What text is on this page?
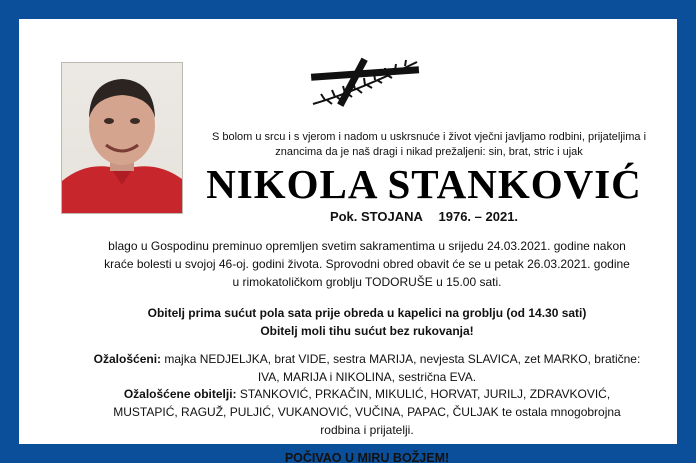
S bolom u srcu i s vjerom i nadom u uskrsnuće i život vječni javljamo rodbini, prijateljima i
znancima da je naš dragi i nikad prežaljeni: sin, brat, stric i ujak
NIKOLA STANKOVIĆ
Pok. STOJANA 1976. – 2021.
blago u Gospodinu preminuo opremljen svetim sakramentima u srijedu 24.03.2021. godine nakon
kraće bolesti u svojoj 46-oj. godini života. Sprovodni obred obavit će se u petak 26.03.2021. godine
u rimokatoličkom groblju TODORUŠE u 15.00 sati.
Obitelj prima sućut pola sata prije obreda u kapelici na groblju (od 14.30 sati)
Obitelj moli tihu sućut bez rukovanja!
Ožalošćeni: majka NEDJELJKA, brat VIDE, sestra MARIJA, nevjesta SLAVICA, zet MARKO, bratične:
IVA, MARIJA i NIKOLINA, sestrična EVA.
Ožalošćene obitelji: STANKOVIĆ, PRKAČIN, MIKULIĆ, HORVAT, JURILJ, ZDRAVKOVIĆ,
MUSTAPIĆ, RAGUŽ, PULJIĆ, VUKANOVIĆ, VUČINA, PAPAC, ČULJAK te ostala mnogobrojna
rodbina i prijatelji.
POČIVAO U MIRU BOŽJEM!
